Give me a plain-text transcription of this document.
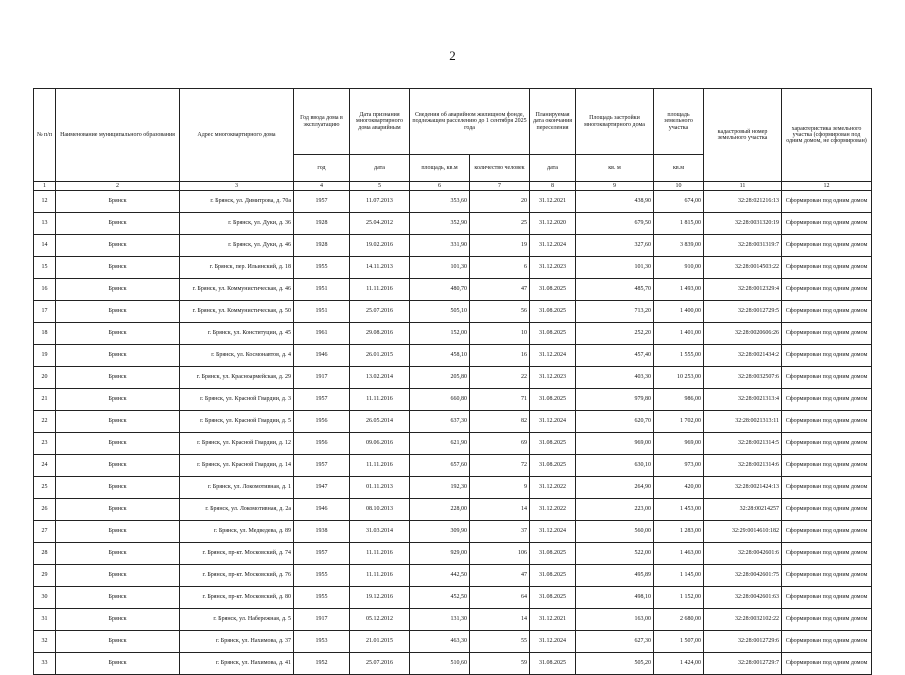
2
№ п/п	Наименование муниципального образования	Адрес многоквартирного дома	Год ввода дома в эксплуатацию	Дата признания многоквартирного дома аварийным	Сведения об аварийном жилищном фонде, подлежащем расселению до 1 сентября 2025 года		Планируемая дата окончания переселения	Площадь застройки многоквартирного дома	площадь земельного участка	кадастровый номер земельного участка	характеристика земельного участка (сформирован под одним домом, не сформирован)
			год	дата	площадь, кв.м	количество человек	дата	кв. м	кв.м		
1	2	3	4	5	6	7	8	9	10	11	12
12	Брянск	г. Брянск, ул. Димитрова, д. 70а	1957	11.07.2013	353,60	20	31.12.2021	438,90	674,00	32:28:021216:13	Сформирован под одним домом
13	Брянск	г. Брянск, ул. Дуки, д. 36	1928	25.04.2012	352,90	25	31.12.2020	679,50	1 815,00	32:28:0031320:19	Сформирован под одним домом
14	Брянск	г. Брянск, ул. Дуки, д. 46	1928	19.02.2016	331,90	19	31.12.2024	327,60	3 839,00	32:28:0031319:7	Сформирован под одним домом
15	Брянск	г. Брянск, пер. Ильинский, д. 18	1955	14.11.2013	101,30	6	31.12.2023	101,30	910,00	32:28:0014503:22	Сформирован под одним домом
16	Брянск	г. Брянск, ул. Коммунистическая, д. 46	1951	11.11.2016	480,70	47	31.08.2025	485,70	1 493,00	32:28:0012329:4	Сформирован под одним домом
17	Брянск	г. Брянск, ул. Коммунистическая, д. 50	1951	25.07.2016	505,10	56	31.08.2025	713,20	1 400,00	32:28:0012729:5	Сформирован под одним домом
18	Брянск	г. Брянск, ул. Конституции, д. 45	1961	29.08.2016	152,00	10	31.08.2025	252,20	1 401,00	32:28:0020606:26	Сформирован под одним домом
19	Брянск	г. Брянск, ул. Космонавтов, д. 4	1946	26.01.2015	458,10	16	31.12.2024	457,40	1 555,00	32:28:0021434:2	Сформирован под одним домом
20	Брянск	г. Брянск, ул. Красноармейская, д. 29	1917	13.02.2014	205,80	22	31.12.2023	403,30	10 253,00	32:28:0032507:6	Сформирован под одним домом
21	Брянск	г. Брянск, ул. Красной Гвардии, д. 3	1957	11.11.2016	660,80	71	31.08.2025	979,80	986,00	32:28:0021313:4	Сформирован под одним домом
22	Брянск	г. Брянск, ул. Красной Гвардии, д. 5	1956	26.05.2014	637,30	82	31.12.2024	620,70	1 702,00	32:28:0021313:11	Сформирован под одним домом
23	Брянск	г. Брянск, ул. Красной Гвардии, д. 12	1956	09.06.2016	621,90	69	31.08.2025	969,00	969,00	32:28:0021314:5	Сформирован под одним домом
24	Брянск	г. Брянск, ул. Красной Гвардии, д. 14	1957	11.11.2016	657,60	72	31.08.2025	630,10	973,00	32:28:0021314:6	Сформирован под одним домом
25	Брянск	г. Брянск, ул. Локомотивная, д. 1	1947	01.11.2013	192,30	9	31.12.2022	264,90	420,00	32:28:0021424:13	Сформирован под одним домом
26	Брянск	г. Брянск, ул. Локомотивная, д. 2а	1946	08.10.2013	228,00	14	31.12.2022	223,00	1 453,00	32:28:00214257	Сформирован под одним домом
27	Брянск	г. Брянск, ул. Медведева, д. 89	1938	31.03.2014	309,90	37	31.12.2024	560,00	1 283,00	32:29:0014610:182	Сформирован под одним домом
28	Брянск	г. Брянск, пр-кт. Московский, д. 74	1957	11.11.2016	929,00	106	31.08.2025	522,00	1 463,00	32:28:0042601:6	Сформирован под одним домом
29	Брянск	г. Брянск, пр-кт. Московский, д. 76	1955	11.11.2016	442,50	47	31.08.2025	495,89	1 145,00	32:28:0042601:75	Сформирован под одним домом
30	Брянск	г. Брянск, пр-кт. Московский, д. 80	1955	19.12.2016	452,50	64	31.08.2025	498,10	1 152,00	32:28:0042601:63	Сформирован под одним домом
31	Брянск	г. Брянск, ул. Набережная, д. 5	1917	05.12.2012	131,30	14	31.12.2021	163,00	2 680,00	32:28:0032102:22	Сформирован под одним домом
32	Брянск	г. Брянск, ул. Нахимова, д. 37	1953	21.01.2015	463,30	55	31.12.2024	627,30	1 507,00	32:28:0012729:6	Сформирован под одним домом
33	Брянск	г. Брянск, ул. Нахимова, д. 41	1952	25.07.2016	510,60	59	31.08.2025	505,20	1 424,00	32:28:0012729:7	Сформирован под одним домом
